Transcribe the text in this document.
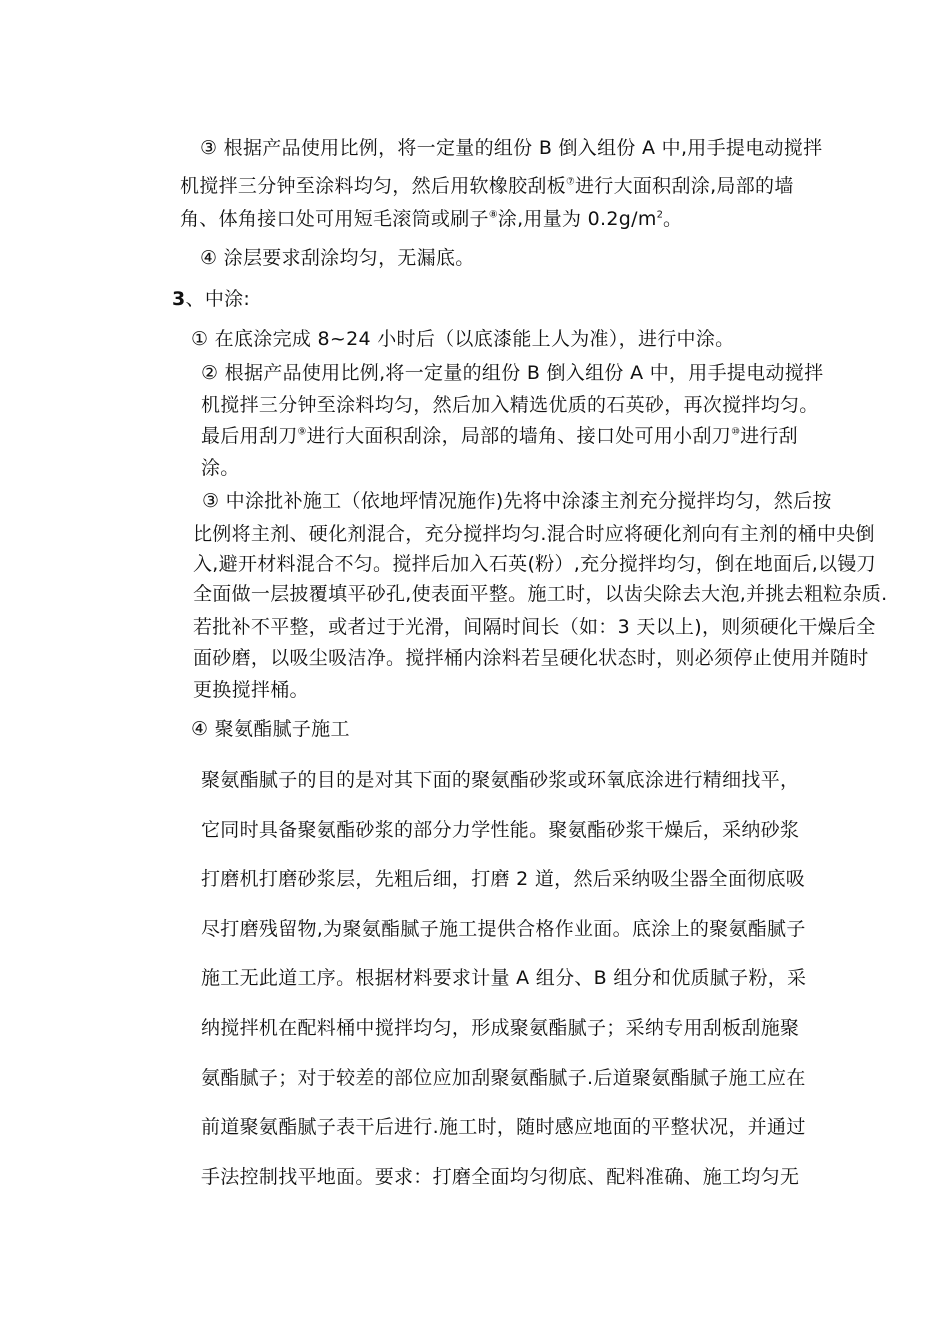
③ 根据产品使用比例，将一定量的组份 B 倒入组份 A 中,用手提电动搅拌
机搅拌三分钟至涂料均匀，然后用软橡胶刮板⑦进行大面积刮涂,局部的墙
角、体角接口处可用短毛滚筒或刷子⑧涂,用量为 0.2g/m$^2$。
④ 涂层要求刮涂均匀，无漏底。
3、中涂:
① 在底涂完成 8~24 小时后（以底漆能上人为准），进行中涂。
② 根据产品使用比例,将一定量的组份 B 倒入组份 A 中，用手提电动搅拌
机搅拌三分钟至涂料均匀，然后加入精选优质的石英砂，再次搅拌均匀。
最后用刮刀⑨进行大面积刮涂，局部的墙角、接口处可用小刮刀⑩进行刮
涂。
③ 中涂批补施工（依地坪情况施作)先将中涂漆主剂充分搅拌均匀，然后按
比例将主剂、硬化剂混合，充分搅拌均匀.混合时应将硬化剂向有主剂的桶中央倒
入,避开材料混合不匀。搅拌后加入石英(粉）,充分搅拌均匀，倒在地面后,以镘刀
全面做一层披覆填平砂孔,使表面平整。施工时，以齿尖除去大泡,并挑去粗粒杂质.
若批补不平整，或者过于光滑，间隔时间长（如：3 天以上)，则须硬化干燥后全
面砂磨，以吸尘吸洁净。搅拌桶内涂料若呈硬化状态时，则必须停止使用并随时
更换搅拌桶。
④ 聚氨酯腻子施工
聚氨酯腻子的目的是对其下面的聚氨酯砂浆或环氧底涂进行精细找平，
它同时具备聚氨酯砂浆的部分力学性能。聚氨酯砂浆干燥后，采纳砂浆
打磨机打磨砂浆层，先粗后细，打磨 2 道，然后采纳吸尘器全面彻底吸
尽打磨残留物,为聚氨酯腻子施工提供合格作业面。底涂上的聚氨酯腻子
施工无此道工序。根据材料要求计量 A 组分、B 组分和优质腻子粉，采
纳搅拌机在配料桶中搅拌均匀，形成聚氨酯腻子；采纳专用刮板刮施聚
氨酯腻子；对于较差的部位应加刮聚氨酯腻子.后道聚氨酯腻子施工应在
前道聚氨酯腻子表干后进行.施工时，随时感应地面的平整状况，并通过
手法控制找平地面。要求：打磨全面均匀彻底、配料准确、施工均匀无
